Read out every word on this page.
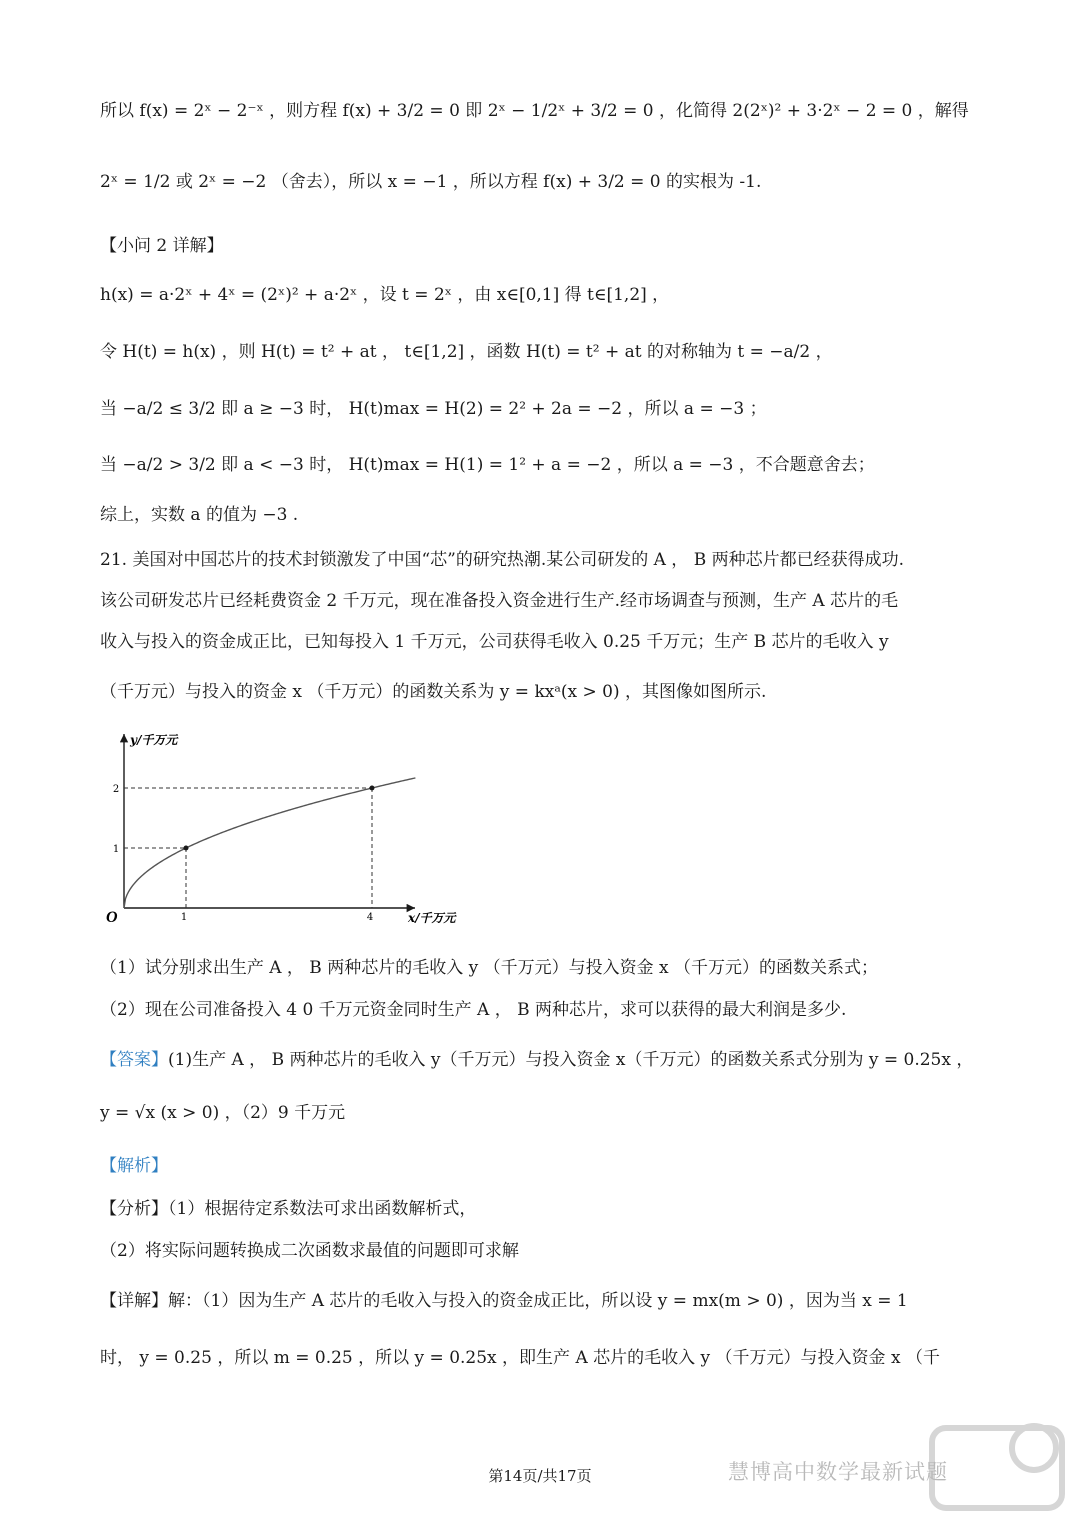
所以 f(x) = 2ˣ − 2⁻ˣ ，则方程 f(x) + 3/2 = 0 即 2ˣ − 1/2ˣ + 3/2 = 0 ，化简得 2(2ˣ)² + 3·2ˣ − 2 = 0 ，解得
2ˣ = 1/2 或 2ˣ = −2 （舍去），所以 x = −1 ，所以方程 f(x) + 3/2 = 0 的实根为 -1.
【小问 2 详解】
h(x) = a·2ˣ + 4ˣ = (2ˣ)² + a·2ˣ ，设 t = 2ˣ ，由 x∈[0,1] 得 t∈[1,2] ，
令 H(t) = h(x) ，则 H(t) = t² + at ， t∈[1,2] ，函数 H(t) = t² + at 的对称轴为 t = −a/2 ，
当 −a/2 ≤ 3/2 即 a ≥ −3 时， H(t)max = H(2) = 2² + 2a = −2 ，所以 a = −3 ；
当 −a/2 > 3/2 即 a < −3 时， H(t)max = H(1) = 1² + a = −2 ，所以 a = −3 ，不合题意舍去；
综上，实数 a 的值为 −3 .
21. 美国对中国芯片的技术封锁激发了中国“芯”的研究热潮.某公司研发的 A ， B 两种芯片都已经获得成功.
该公司研发芯片已经耗费资金 2 千万元，现在准备投入资金进行生产.经市场调查与预测，生产 A 芯片的毛
收入与投入的资金成正比，已知每投入 1 千万元，公司获得毛收入 0.25 千万元；生产 B 芯片的毛收入 y
（千万元）与投入的资金 x （千万元）的函数关系为 y = kxᵃ(x > 0) ，其图像如图所示.
O	1	4
1
2
y/千万元
x/千万元
（1）试分别求出生产 A ， B 两种芯片的毛收入 y （千万元）与投入资金 x （千万元）的函数关系式；
（2）现在公司准备投入 4 0 千万元资金同时生产 A ， B 两种芯片，求可以获得的最大利润是多少.
【答案】(1)生产 A ， B 两种芯片的毛收入 y（千万元）与投入资金 x（千万元）的函数关系式分别为 y = 0.25x ，
y = √x (x > 0) ，（2）9 千万元
【解析】
【分析】（1）根据待定系数法可求出函数解析式，
（2）将实际问题转换成二次函数求最值的问题即可求解
【详解】解：（1）因为生产 A 芯片的毛收入与投入的资金成正比，所以设 y = mx(m > 0) ，因为当 x = 1
时， y = 0.25 ，所以 m = 0.25 ，所以 y = 0.25x ，即生产 A 芯片的毛收入 y （千万元）与投入资金 x （千
慧博高中数学最新试题
第14页/共17页
